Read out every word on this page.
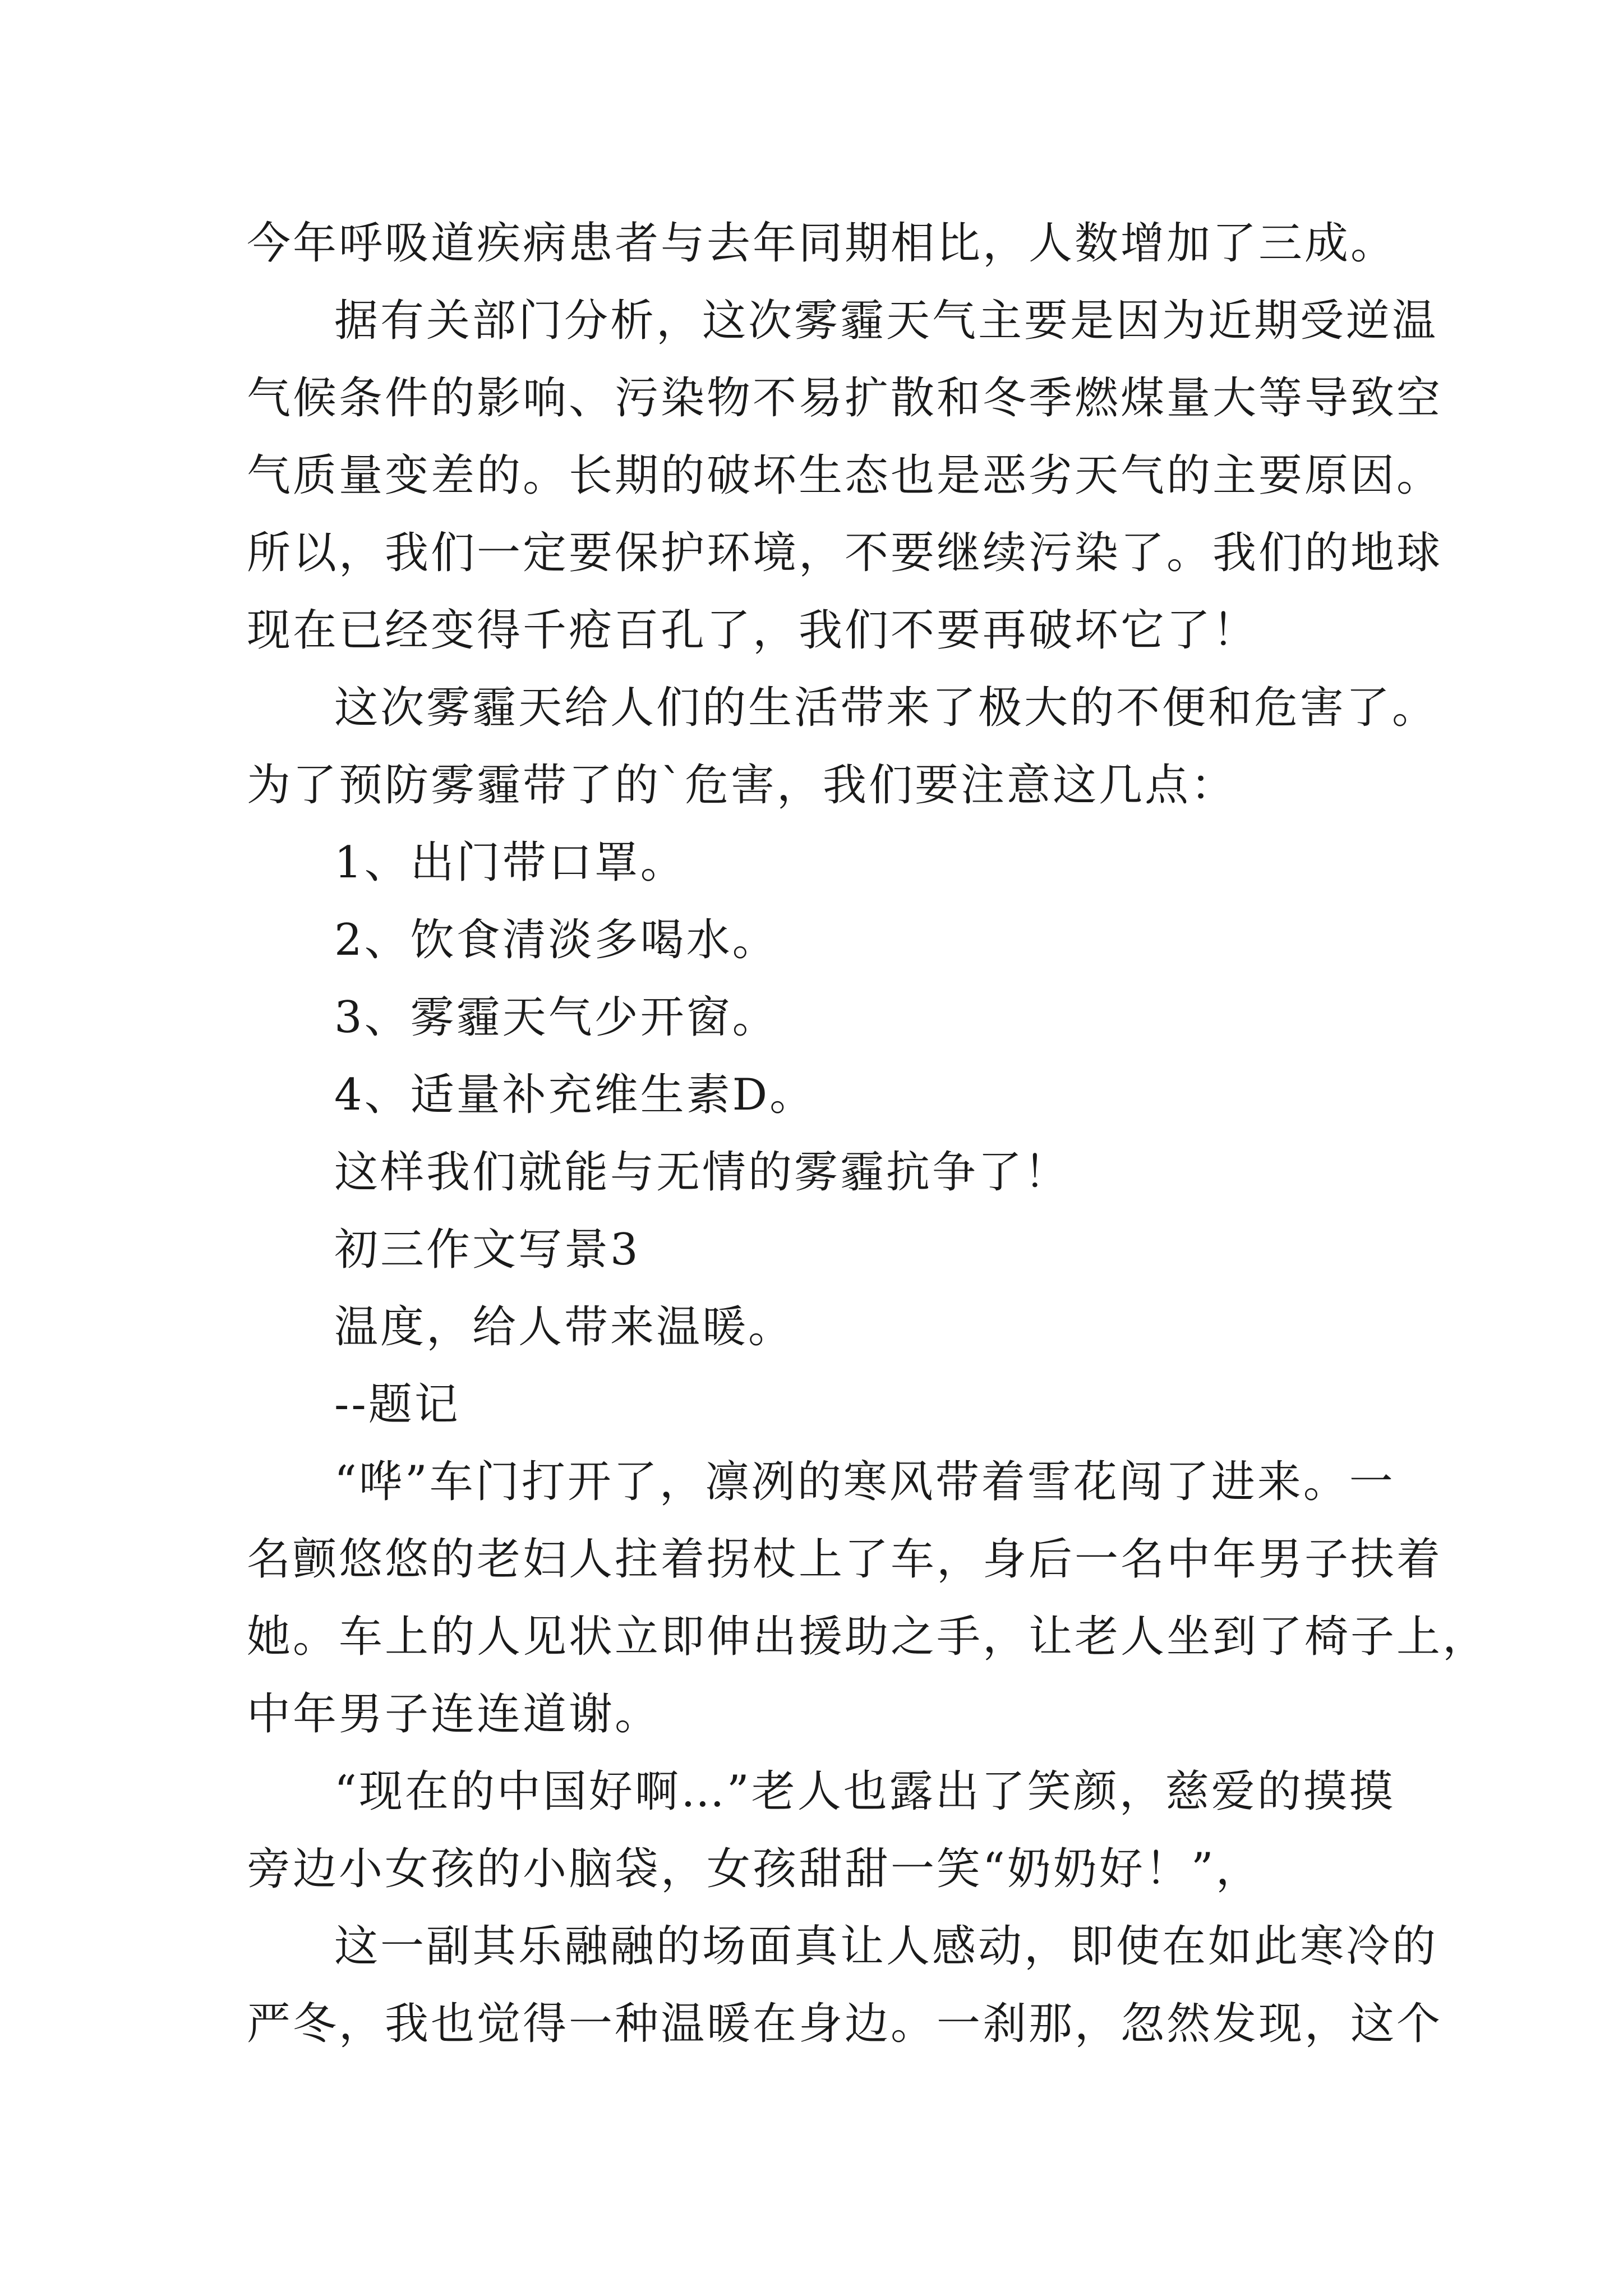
今年呼吸道疾病患者与去年同期相比，人数增加了三成。
据有关部门分析，这次雾霾天气主要是因为近期受逆温
气候条件的影响、污染物不易扩散和冬季燃煤量大等导致空
气质量变差的。长期的破坏生态也是恶劣天气的主要原因。
所以，我们一定要保护环境，不要继续污染了。我们的地球
现在已经变得千疮百孔了，我们不要再破坏它了！
这次雾霾天给人们的生活带来了极大的不便和危害了。
为了预防雾霾带了的`危害，我们要注意这几点：
1、出门带口罩。
2、饮食清淡多喝水。
3、雾霾天气少开窗。
4、适量补充维生素D。
这样我们就能与无情的雾霾抗争了！
初三作文写景3
温度，给人带来温暖。
--题记
“哗”车门打开了，凛冽的寒风带着雪花闯了进来。一
名颤悠悠的老妇人拄着拐杖上了车，身后一名中年男子扶着
她。车上的人见状立即伸出援助之手，让老人坐到了椅子上，
中年男子连连道谢。
“现在的中国好啊…”老人也露出了笑颜，慈爱的摸摸
旁边小女孩的小脑袋，女孩甜甜一笑“奶奶好！”，
这一副其乐融融的场面真让人感动，即使在如此寒冷的
严冬，我也觉得一种温暖在身边。一刹那，忽然发现，这个
